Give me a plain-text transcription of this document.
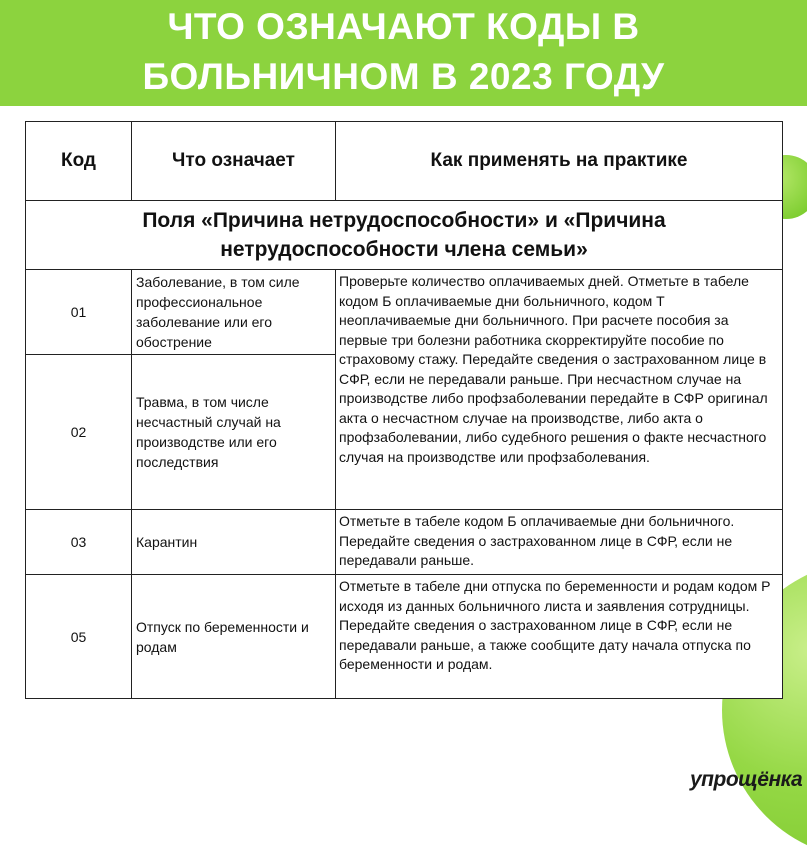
ЧТО ОЗНАЧАЮТ КОДЫ В
БОЛЬНИЧНОМ В 2023 ГОДУ

Код	Что означает	Как применять на практике
Поля «Причина нетрудоспособности» и «Причина нетрудоспособности члена семьи»		
01	Заболевание, в том силе профессиональное заболевание или его обострение	Проверьте количество оплачиваемых дней. Отметьте в табеле кодом Б оплачиваемые дни больничного, кодом Т неоплачиваемые дни больничного. При расчете пособия за первые три болезни работника скорректируйте пособие по страховому стажу. Передайте сведения о застрахованном лице в СФР, если не передавали раньше. При несчастном случае на производстве либо профзаболевании передайте в СФР оригинал акта о несчастном случае на производстве, либо акта о профзаболевании, либо судебного решения о факте несчастного случая на производстве или профзаболевания.
02	Травма, в том числе несчастный случай на производстве или его последствия	
03	Карантин	Отметьте в табеле кодом Б оплачиваемые дни больничного. Передайте сведения о застрахованном лице в СФР, если не передавали раньше.
05	Отпуск по беременности и родам	Отметьте в табеле дни отпуска по беременности и родам кодом Р исходя из данных больничного листа и заявления сотрудницы. Передайте сведения о застрахованном лице в СФР, если не передавали раньше, а также сообщите дату начала отпуска по беременности и родам.
упрощёнка
